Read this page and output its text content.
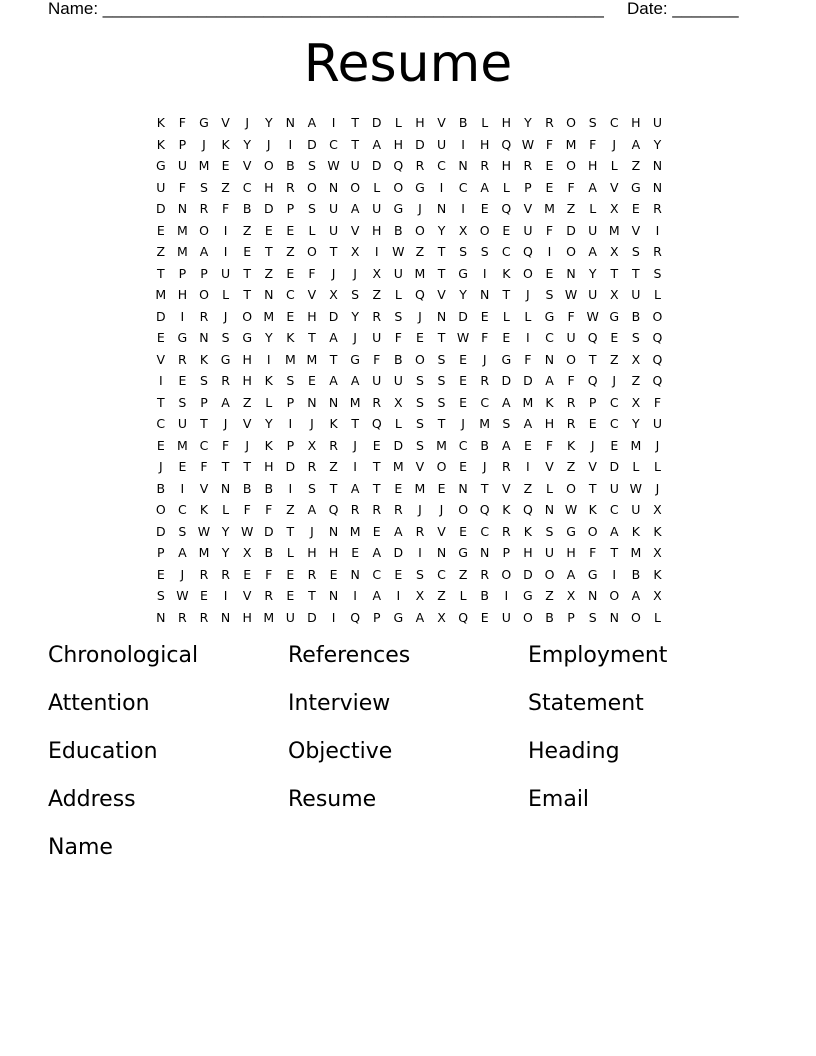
Name: _____________________________________________________ Date: _______
Resume
K	F	G V	J	Y	N	A	I	T	D	L	H	V	B	L	H	Y	R O	S	C	H U
K	P	J	K	Y	J	I	D C	T	A	H D U	I	H Q W F	M	F	J	A	Y
G U M E	V O B	S W U D Q R	C	N	R	H	R	E	O H	L	Z	N
U	F	S	Z	C	H	R O N O	L	O G	I	C	A	L	P	E	F	A	V G N
D N	R	F	B D	P	S	U	A	U G	J	N	I	E	Q V M Z	L	X	E	R
E M O	I	Z	E	E	L	U	V	H	B O	Y	X O	E	U	F	D U M V	I
Z M A	I	E	T	Z O	T	X	I	W Z	T	S	S	C Q	I	O A	X	S	R
T	P	P	U	T	Z	E	F	J	J	X	U M T	G	I	K	O	E	N	Y	T	T	S
M H O	L	T	N	C	V	X	S	Z	L	Q V	Y	N	T	J	S W U	X	U	L
D	I	R	J	O M E	H D	Y	R	S	J	N D	E	L	L	G	F W G B O
E	G N	S	G	Y	K	T	A	J	U	F	E	T W F	E	I	C	U Q	E	S	Q
V	R	K	G H	I	M M T	G	F	B O	S	E	J	G	F	N O	T	Z	X Q
I	E	S	R	H	K	S	E	A	A	U U	S	S	E	R D D	A	F	Q	J	Z Q
T	S	P	A	Z	L	P	N N M R	X	S	S	E	C	A M K	R	P	C	X	F
C	U	T	J	V	Y	I	J	K	T	Q	L	S	T	J	M S	A	H	R	E	C	Y	U
E M C	F	J	K	P	X	R	J	E	D	S M C	B	A	E	F	K	J	E M	J
J	E	F	T	T	H D R	Z	I	T M V O	E	J	R	I	V	Z	V D	L	L
B	I	V	N	B	B	I	S	T	A	T	E M E	N	T	V	Z	L	O	T	U W	J
O C	K	L	F	F	Z	A Q R	R	R	J	J	O Q	K	Q N W K	C	U	X
D	S W Y W D	T	J	N M E	A	R	V	E	C	R	K	S	G O A	K	K
P	A M Y	X	B	L	H H	E	A D	I	N G N	P	H U H	F	T M X
E	J	R	R	E	F	E	R	E	N	C	E	S	C	Z	R O D O A G	I	B	K
S W E	I	V	R	E	T	N	I	A	I	X	Z	L	B	I	G Z	X	N O A	X
N	R	R	N H M U D	I	Q	P	G A	X Q	E	U O B	P	S	N O	L
Chronological	References	Employment
Attention	Interview	Statement
Education	Objective	Heading
Address	Resume	Email
Name
